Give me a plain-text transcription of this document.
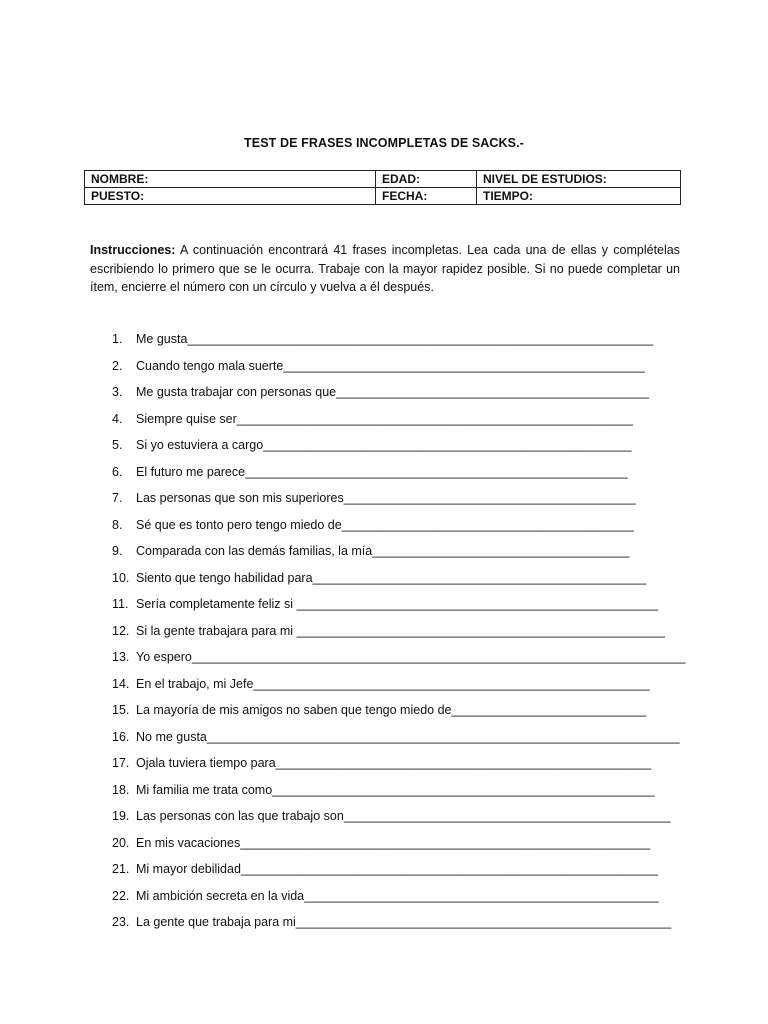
TEST DE FRASES INCOMPLETAS DE SACKS.-
NOMBRE:	EDAD:	NIVEL DE ESTUDIOS:
PUESTO:	FECHA:	TIEMPO:
Instrucciones: A continuación encontrará 41 frases incompletas. Lea cada una de ellas y complételas escribiendo lo primero que se le ocurra. Trabaje con la mayor rapidez posible. Si no puede completar un ítem, encierre el número con un círculo y vuelva a él después.
1.	Me gusta___________________________________________________________________
2.	Cuando tengo mala suerte____________________________________________________
3.	Me gusta trabajar con personas que_____________________________________________
4.	Siempre quise ser_________________________________________________________
5.	Si yo estuviera a cargo_____________________________________________________
6.	El futuro me parece_______________________________________________________
7.	Las personas que son mis superiores__________________________________________
8.	Sé que es tonto pero tengo miedo de__________________________________________
9.	Comparada con las demás familias, la mía_____________________________________
10. Siento que tengo habilidad para________________________________________________
11. Sería completamente feliz si ____________________________________________________
12. Si la gente trabajara para mi _____________________________________________________
13. Yo espero_______________________________________________________________________
14. En el trabajo, mi Jefe_________________________________________________________
15. La mayoría de mis amigos no saben que tengo miedo de____________________________
16. No me gusta____________________________________________________________________
17. Ojala tuviera tiempo para______________________________________________________
18. Mi familia me trata como_______________________________________________________
19. Las personas con las que trabajo son_______________________________________________
20. En mis vacaciones___________________________________________________________
21. Mi mayor debilidad____________________________________________________________
22. Mi ambición secreta en la vida___________________________________________________
23. La gente que trabaja para mi______________________________________________________
